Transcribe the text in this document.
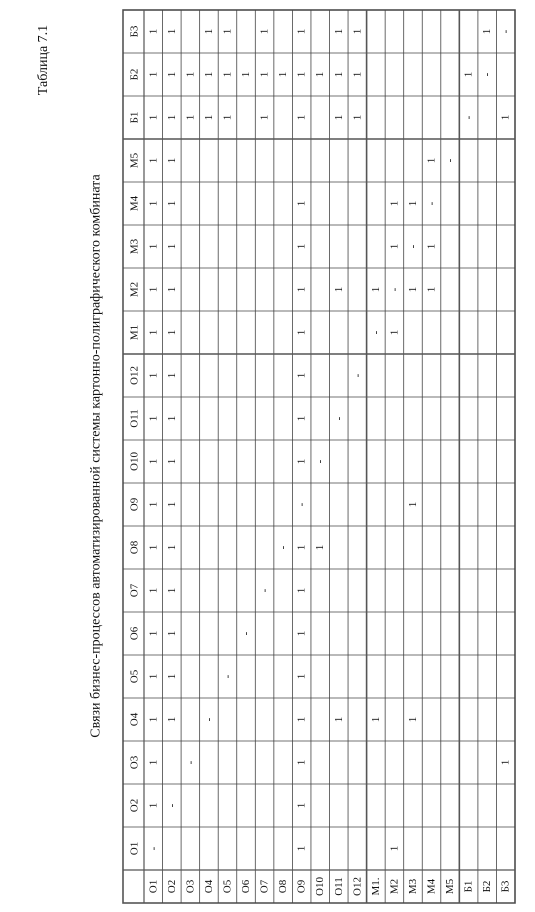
Таблица 7.1
Связи бизнес-процессов автоматизированной системы картонно-полиграфического комбината
O1
O2
O3
O4
O5
O6
O7
O8
O9
O10
O11
O12
M1
M2
M3
M4
M5
Б1
Б2
Б3
O1 O2 O3 O4 O5 O6 O7 O8 O9 O10 O11 O12 M1. M2 M3 M4 M5 Б1 Б2 Б3
-
1
1
1
1
1
1
1
1
1
1
1
1
1
1
1
1
1
1
1
-
1
1
1
1
1
1
1
1
1
1
1
1
1
1
1
1
1
-
1
1
-
1
1
1
-
1
1
1
-
1
-
1
1
1
-
1
1
1
1
1
1
1
1
1
-
1
1
1
1
1
1
1
1
1
1
1
-
1
1
-
1
1
1
1
-
1
1
1
1
-
1
1
1
-
1
1
1
1
1
-
1
1
1
-
1 -
-
1 -
1
1
1
-
